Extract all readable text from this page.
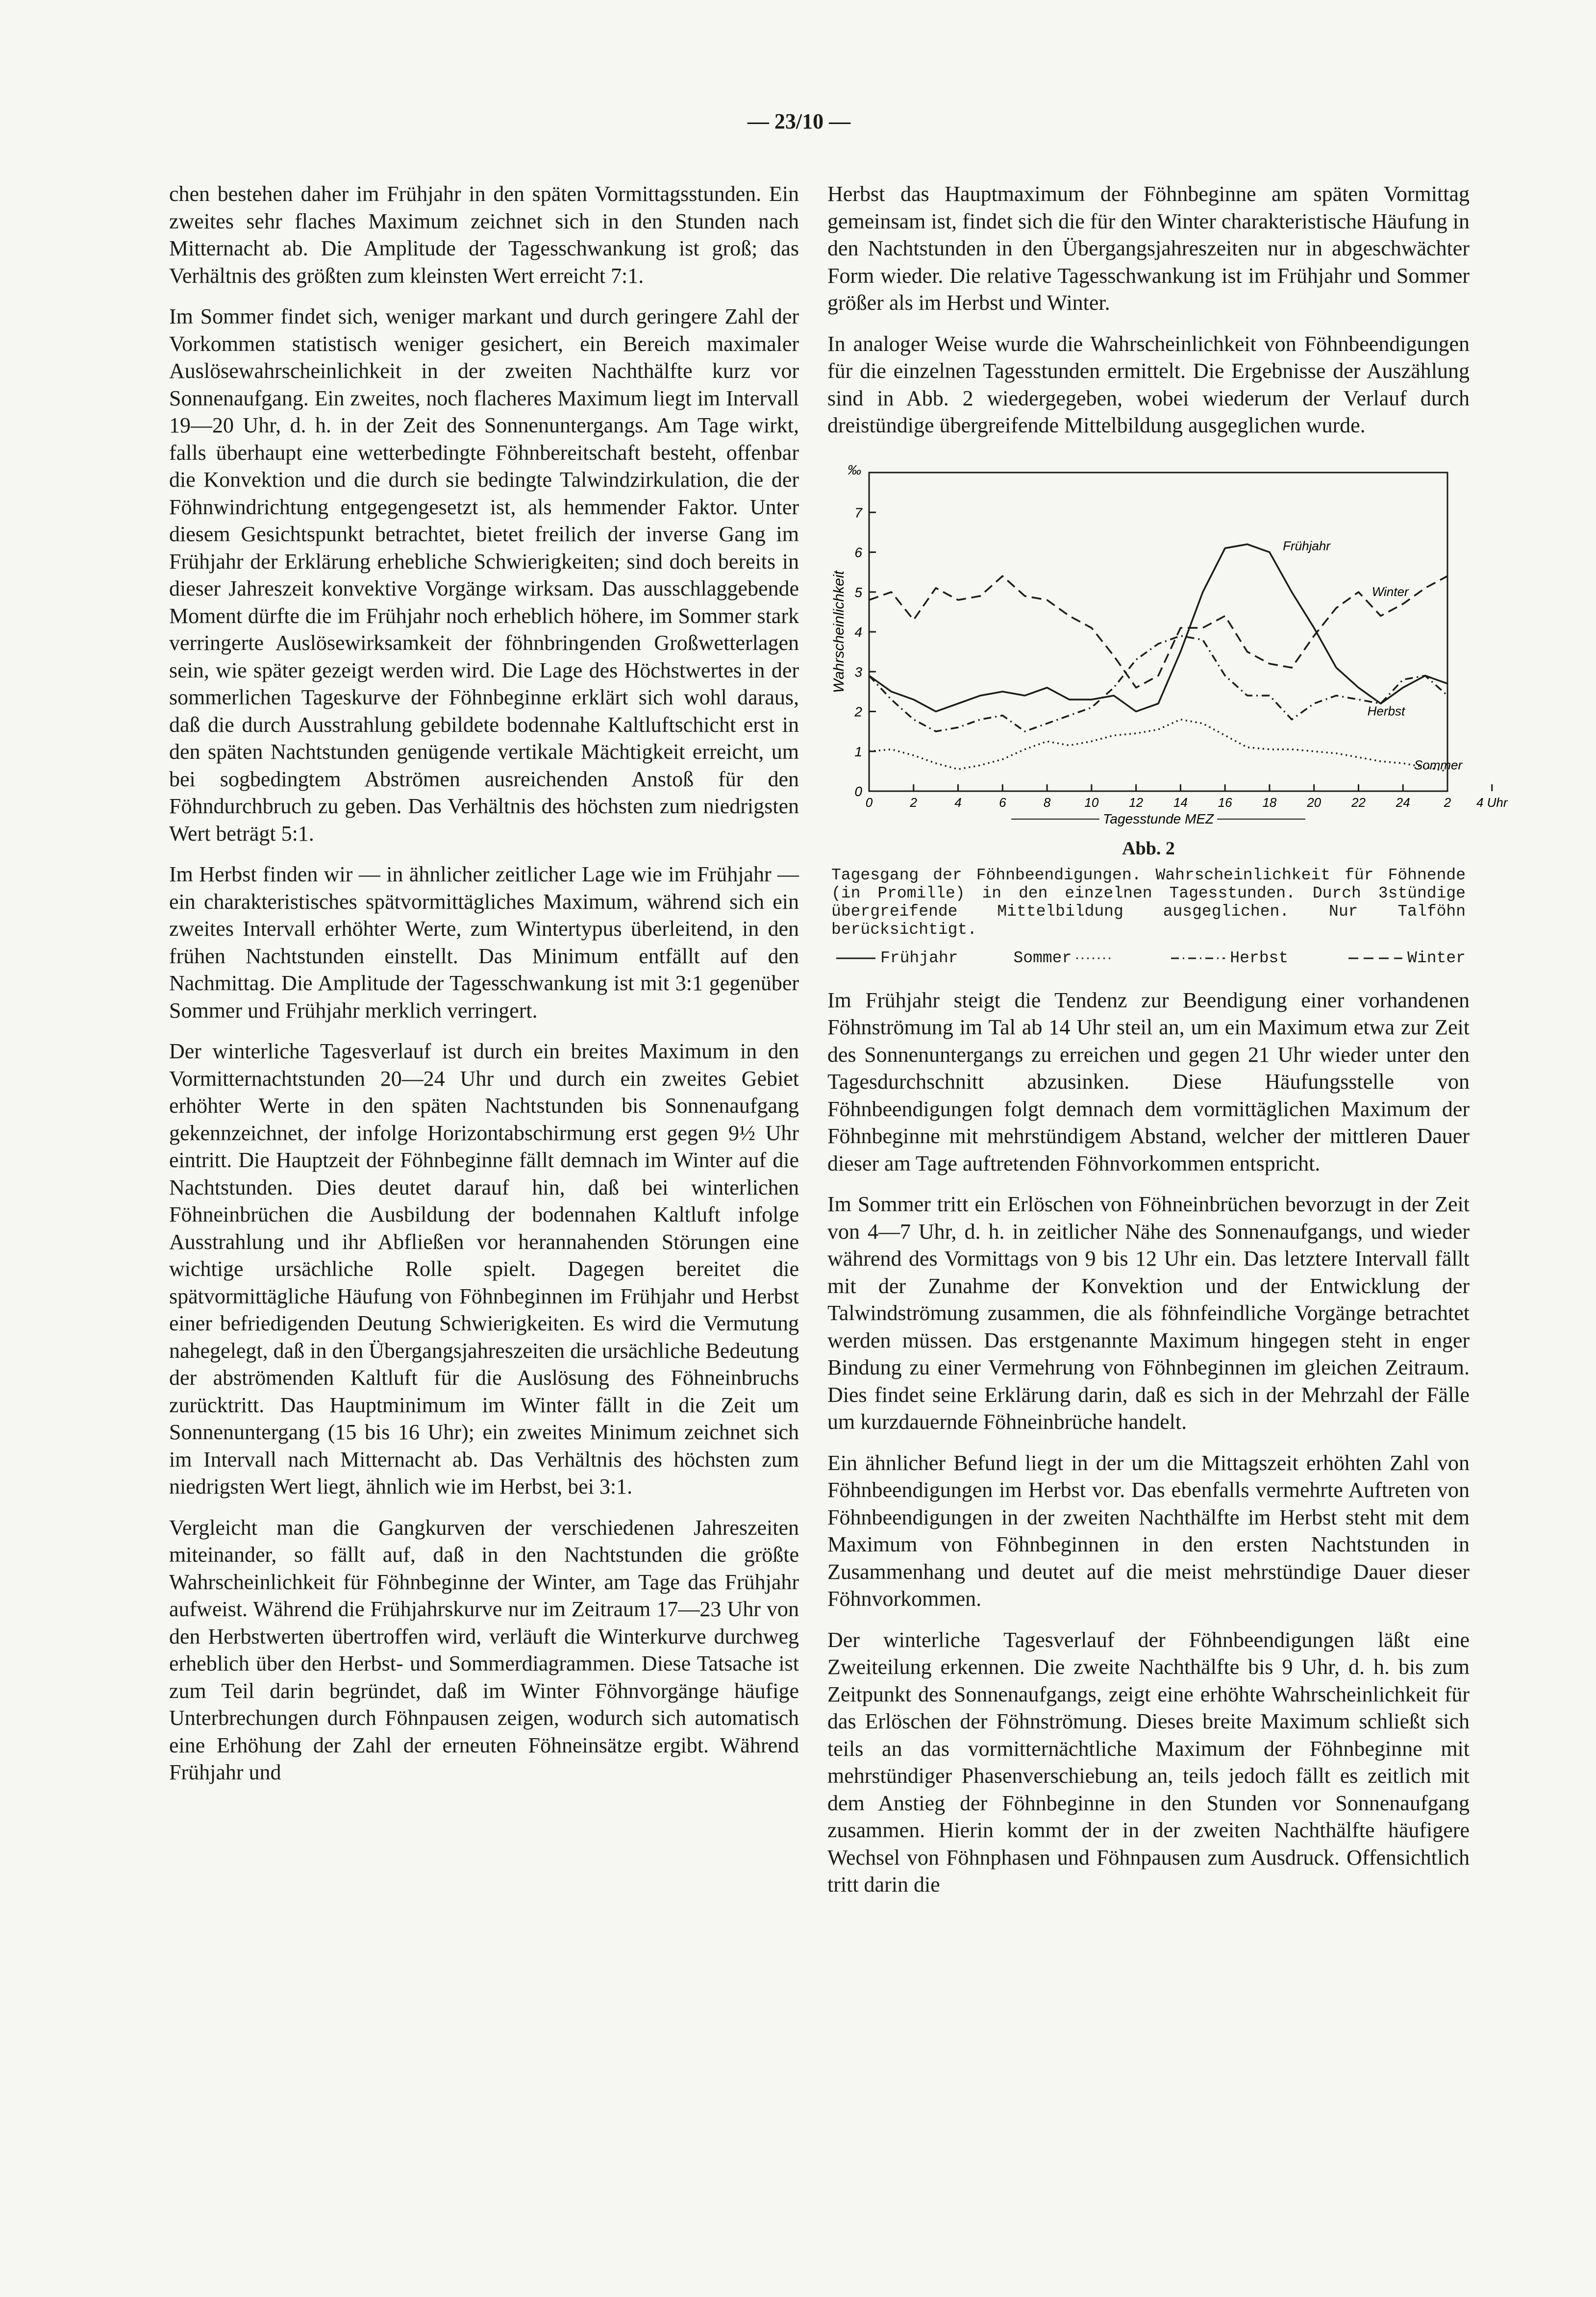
— 23/10 —

chen bestehen daher im Frühjahr in den späten Vormittagsstunden. Ein zweites sehr flaches Maximum zeichnet sich in den Stunden nach Mitternacht ab. Die Amplitude der Tagesschwankung ist groß; das Verhältnis des größten zum kleinsten Wert erreicht 7:1.

Im Sommer findet sich, weniger markant und durch geringere Zahl der Vorkommen statistisch weniger gesichert, ein Bereich maximaler Auslösewahrscheinlichkeit in der zweiten Nachthälfte kurz vor Sonnenaufgang. Ein zweites, noch flacheres Maximum liegt im Intervall 19—20 Uhr, d. h. in der Zeit des Sonnenuntergangs. Am Tage wirkt, falls überhaupt eine wetterbedingte Föhnbereitschaft besteht, offenbar die Konvektion und die durch sie bedingte Talwindzirkulation, die der Föhnwindrichtung entgegengesetzt ist, als hemmender Faktor. Unter diesem Gesichtspunkt betrachtet, bietet freilich der inverse Gang im Frühjahr der Erklärung erhebliche Schwierigkeiten; sind doch bereits in dieser Jahreszeit konvektive Vorgänge wirksam. Das ausschlaggebende Moment dürfte die im Frühjahr noch erheblich höhere, im Sommer stark verringerte Auslösewirksamkeit der föhnbringenden Großwetterlagen sein, wie später gezeigt werden wird. Die Lage des Höchstwertes in der sommerlichen Tageskurve der Föhnbeginne erklärt sich wohl daraus, daß die durch Ausstrahlung gebildete bodennahe Kaltluftschicht erst in den späten Nachtstunden genügende vertikale Mächtigkeit erreicht, um bei sogbedingtem Abströmen ausreichenden Anstoß für den Föhndurchbruch zu geben. Das Verhältnis des höchsten zum niedrigsten Wert beträgt 5:1.

Im Herbst finden wir — in ähnlicher zeitlicher Lage wie im Frühjahr — ein charakteristisches spätvormittägliches Maximum, während sich ein zweites Intervall erhöhter Werte, zum Wintertypus überleitend, in den frühen Nachtstunden einstellt. Das Minimum entfällt auf den Nachmittag. Die Amplitude der Tagesschwankung ist mit 3:1 gegenüber Sommer und Frühjahr merklich verringert.

Der winterliche Tagesverlauf ist durch ein breites Maximum in den Vormitternachtstunden 20—24 Uhr und durch ein zweites Gebiet erhöhter Werte in den späten Nachtstunden bis Sonnenaufgang gekennzeichnet, der infolge Horizontabschirmung erst gegen 9½ Uhr eintritt. Die Hauptzeit der Föhnbeginne fällt demnach im Winter auf die Nachtstunden. Dies deutet darauf hin, daß bei winterlichen Föhneinbrüchen die Ausbildung der bodennahen Kaltluft infolge Ausstrahlung und ihr Abfließen vor herannahenden Störungen eine wichtige ursächliche Rolle spielt. Dagegen bereitet die spätvormittägliche Häufung von Föhnbeginnen im Frühjahr und Herbst einer befriedigenden Deutung Schwierigkeiten. Es wird die Vermutung nahegelegt, daß in den Übergangsjahreszeiten die ursächliche Bedeutung der abströmenden Kaltluft für die Auslösung des Föhneinbruchs zurücktritt. Das Hauptminimum im Winter fällt in die Zeit um Sonnenuntergang (15 bis 16 Uhr); ein zweites Minimum zeichnet sich im Intervall nach Mitternacht ab. Das Verhältnis des höchsten zum niedrigsten Wert liegt, ähnlich wie im Herbst, bei 3:1.

Vergleicht man die Gangkurven der verschiedenen Jahreszeiten miteinander, so fällt auf, daß in den Nachtstunden die größte Wahrscheinlichkeit für Föhnbeginne der Winter, am Tage das Frühjahr aufweist. Während die Frühjahrskurve nur im Zeitraum 17—23 Uhr von den Herbstwerten übertroffen wird, verläuft die Winterkurve durchweg erheblich über den Herbst- und Sommerdiagrammen. Diese Tatsache ist zum Teil darin begründet, daß im Winter Föhnvorgänge häufige Unterbrechungen durch Föhnpausen zeigen, wodurch sich automatisch eine Erhöhung der Zahl der erneuten Föhneinsätze ergibt. Während Frühjahr und

Herbst das Hauptmaximum der Föhnbeginne am späten Vormittag gemeinsam ist, findet sich die für den Winter charakteristische Häufung in den Nachtstunden in den Übergangsjahreszeiten nur in abgeschwächter Form wieder. Die relative Tagesschwankung ist im Frühjahr und Sommer größer als im Herbst und Winter.

In analoger Weise wurde die Wahrscheinlichkeit von Föhnbeendigungen für die einzelnen Tagesstunden ermittelt. Die Ergebnisse der Auszählung sind in Abb. 2 wiedergegeben, wobei wiederum der Verlauf durch dreistündige übergreifende Mittelbildung ausgeglichen wurde.

1
2
3
4
5
6
7
0
‰
Wahrscheinlichkeit
0	2	4	6	8	10 12 14 16 18 20 22 24	2 4 Uhr
Tagesstunde MEZ
Frühjahr
Winter
Herbst
Sommer
Abb. 2
Tagesgang der Föhnbeendigungen. Wahrscheinlichkeit für Föhnende (in Promille) in den einzelnen Tagesstunden. Durch 3stündige übergreifende Mittelbildung ausgeglichen. Nur Talföhn berücksichtigt.
Frühjahr	Sommer	Herbst	Winter

Im Frühjahr steigt die Tendenz zur Beendigung einer vorhandenen Föhnströmung im Tal ab 14 Uhr steil an, um ein Maximum etwa zur Zeit des Sonnenuntergangs zu erreichen und gegen 21 Uhr wieder unter den Tagesdurchschnitt abzusinken. Diese Häufungsstelle von Föhnbeendigungen folgt demnach dem vormittäglichen Maximum der Föhnbeginne mit mehrstündigem Abstand, welcher der mittleren Dauer dieser am Tage auftretenden Föhnvorkommen entspricht.

Im Sommer tritt ein Erlöschen von Föhneinbrüchen bevorzugt in der Zeit von 4—7 Uhr, d. h. in zeitlicher Nähe des Sonnenaufgangs, und wieder während des Vormittags von 9 bis 12 Uhr ein. Das letztere Intervall fällt mit der Zunahme der Konvektion und der Entwicklung der Talwindströmung zusammen, die als föhnfeindliche Vorgänge betrachtet werden müssen. Das erstgenannte Maximum hingegen steht in enger Bindung zu einer Vermehrung von Föhnbeginnen im gleichen Zeitraum. Dies findet seine Erklärung darin, daß es sich in der Mehrzahl der Fälle um kurzdauernde Föhneinbrüche handelt.

Ein ähnlicher Befund liegt in der um die Mittagszeit erhöhten Zahl von Föhnbeendigungen im Herbst vor. Das ebenfalls vermehrte Auftreten von Föhnbeendigungen in der zweiten Nachthälfte im Herbst steht mit dem Maximum von Föhnbeginnen in den ersten Nachtstunden in Zusammenhang und deutet auf die meist mehrstündige Dauer dieser Föhnvorkommen.

Der winterliche Tagesverlauf der Föhnbeendigungen läßt eine Zweiteilung erkennen. Die zweite Nachthälfte bis 9 Uhr, d. h. bis zum Zeitpunkt des Sonnenaufgangs, zeigt eine erhöhte Wahrscheinlichkeit für das Erlöschen der Föhnströmung. Dieses breite Maximum schließt sich teils an das vormitternächtliche Maximum der Föhnbeginne mit mehrstündiger Phasenverschiebung an, teils jedoch fällt es zeitlich mit dem Anstieg der Föhnbeginne in den Stunden vor Sonnenaufgang zusammen. Hierin kommt der in der zweiten Nachthälfte häufigere Wechsel von Föhnphasen und Föhnpausen zum Ausdruck. Offensichtlich tritt darin die
